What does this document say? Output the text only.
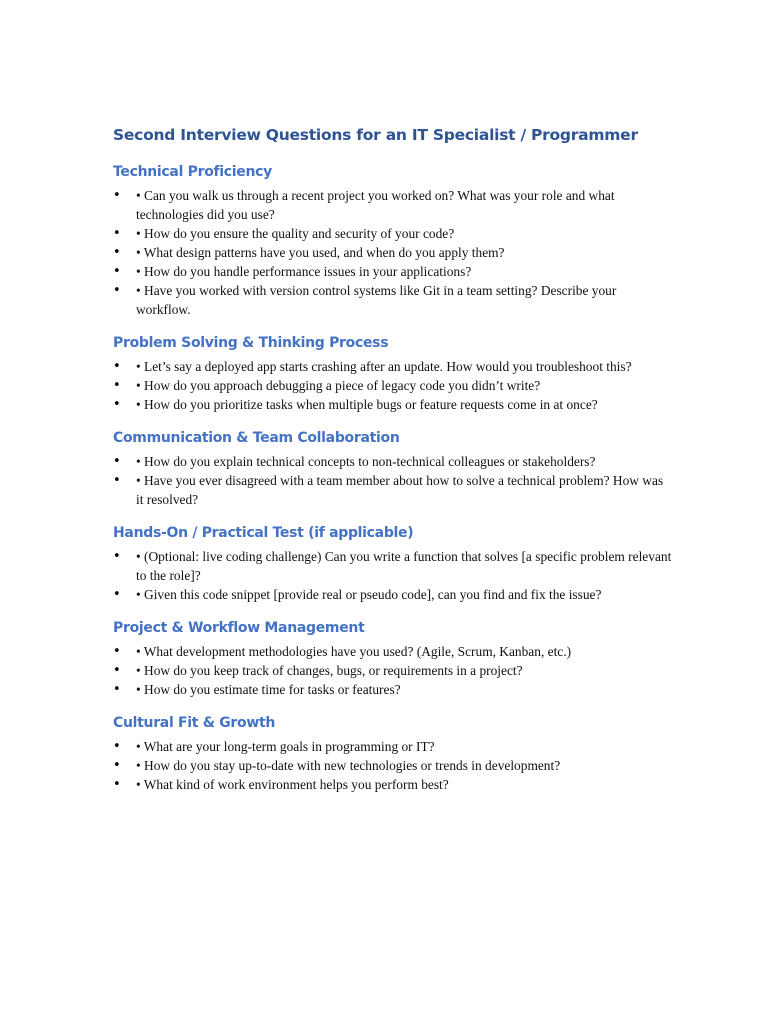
Second Interview Questions for an IT Specialist / Programmer
Technical Proficiency
• • Can you walk us through a recent project you worked on? What was your role and what technologies did you use?
• • How do you ensure the quality and security of your code?
• • What design patterns have you used, and when do you apply them?
• • How do you handle performance issues in your applications?
• • Have you worked with version control systems like Git in a team setting? Describe your workflow.
Problem Solving & Thinking Process
• • Let’s say a deployed app starts crashing after an update. How would you troubleshoot this?
• • How do you approach debugging a piece of legacy code you didn’t write?
• • How do you prioritize tasks when multiple bugs or feature requests come in at once?
Communication & Team Collaboration
• • How do you explain technical concepts to non-technical colleagues or stakeholders?
• • Have you ever disagreed with a team member about how to solve a technical problem? How was it resolved?
Hands-On / Practical Test (if applicable)
• • (Optional: live coding challenge) Can you write a function that solves [a specific problem relevant to the role]?
• • Given this code snippet [provide real or pseudo code], can you find and fix the issue?
Project & Workflow Management
• • What development methodologies have you used? (Agile, Scrum, Kanban, etc.)
• • How do you keep track of changes, bugs, or requirements in a project?
• • How do you estimate time for tasks or features?
Cultural Fit & Growth
• • What are your long-term goals in programming or IT?
• • How do you stay up-to-date with new technologies or trends in development?
• • What kind of work environment helps you perform best?
